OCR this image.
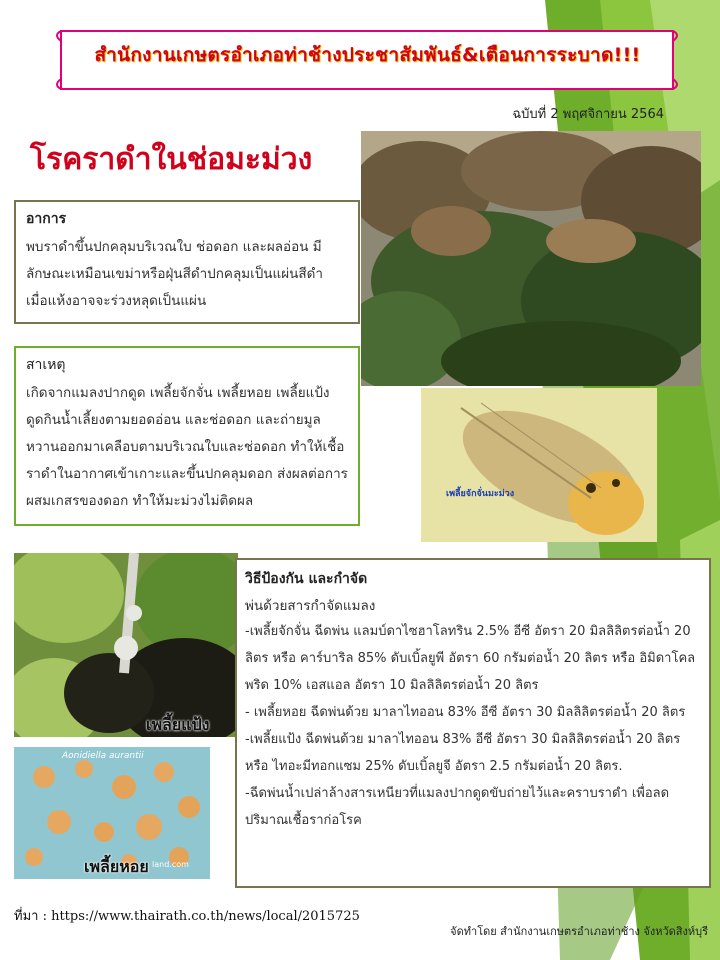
สำนักงานเกษตรอำเภอท่าช้างประชาสัมพันธ์&เตือนการระบาด!!!
ฉบับที่ 2 พฤศจิกายน 2564
โรคราดำในช่อมะม่วง
เพลี้ยจักจั่นมะม่วง
เพลี้ยแป้ง
Aonidiella aurantii
land.com
เพลี้ยหอย
อาการ

พบราดำขึ้นปกคลุมบริเวณใบ ช่อดอก และผลอ่อน มีลักษณะเหมือนเขม่าหรือฝุ่นสีดำปกคลุมเป็นแผ่นสีดำ เมื่อแห้งอาจจะร่วงหลุดเป็นแผ่น

สาเหตุ

เกิดจากแมลงปากดูด เพลี้ยจักจั่น เพลี้ยหอย เพลี้ยแป้ง ดูดกินน้ำเลี้ยงตามยอดอ่อน และช่อดอก และถ่ายมูลหวานออกมาเคลือบตามบริเวณใบและช่อดอก ทำให้เชื้อราดำในอากาศเข้าเกาะและขึ้นปกคลุมดอก ส่งผลต่อการผสมเกสรของดอก ทำให้มะม่วงไม่ติดผล

วิธีป้องกัน และกำจัด
พ่นด้วยสารกำจัดแมลง

-เพลี้ยจักจั่น ฉีดพ่น แลมบ์ดาไซฮาโลทริน 2.5% อีซี อัตรา 20 มิลลิลิตรต่อน้ำ 20 ลิตร หรือ คาร์บาริล 85% ดับเบิ้ลยูพี อัตรา 60 กรัมต่อน้ำ 20 ลิตร หรือ อิมิดาโคลพริด 10% เอสแอล อัตรา 10 มิลลิลิตรต่อน้ำ 20 ลิตร

- เพลี้ยหอย ฉีดพ่นด้วย มาลาไทออน 83% อีซี อัตรา 30 มิลลิลิตรต่อน้ำ 20 ลิตร

-เพลี้ยแป้ง ฉีดพ่นด้วย มาลาไทออน 83% อีซี อัตรา 30 มิลลิลิตรต่อน้ำ 20 ลิตร หรือ ไทอะมีทอกแซม 25% ดับเบิ้ลยูจี อัตรา 2.5 กรัมต่อน้ำ 20 ลิตร.

-ฉีดพ่นน้ำเปล่าล้างสารเหนียวที่แมลงปากดูดขับถ่ายไว้และคราบราดำ เพื่อลดปริมาณเชื้อราก่อโรค

ที่มา : https://www.thairath.co.th/news/local/2015725
จัดทำโดย สำนักงานเกษตรอำเภอท่าช้าง จังหวัดสิงห์บุรี
